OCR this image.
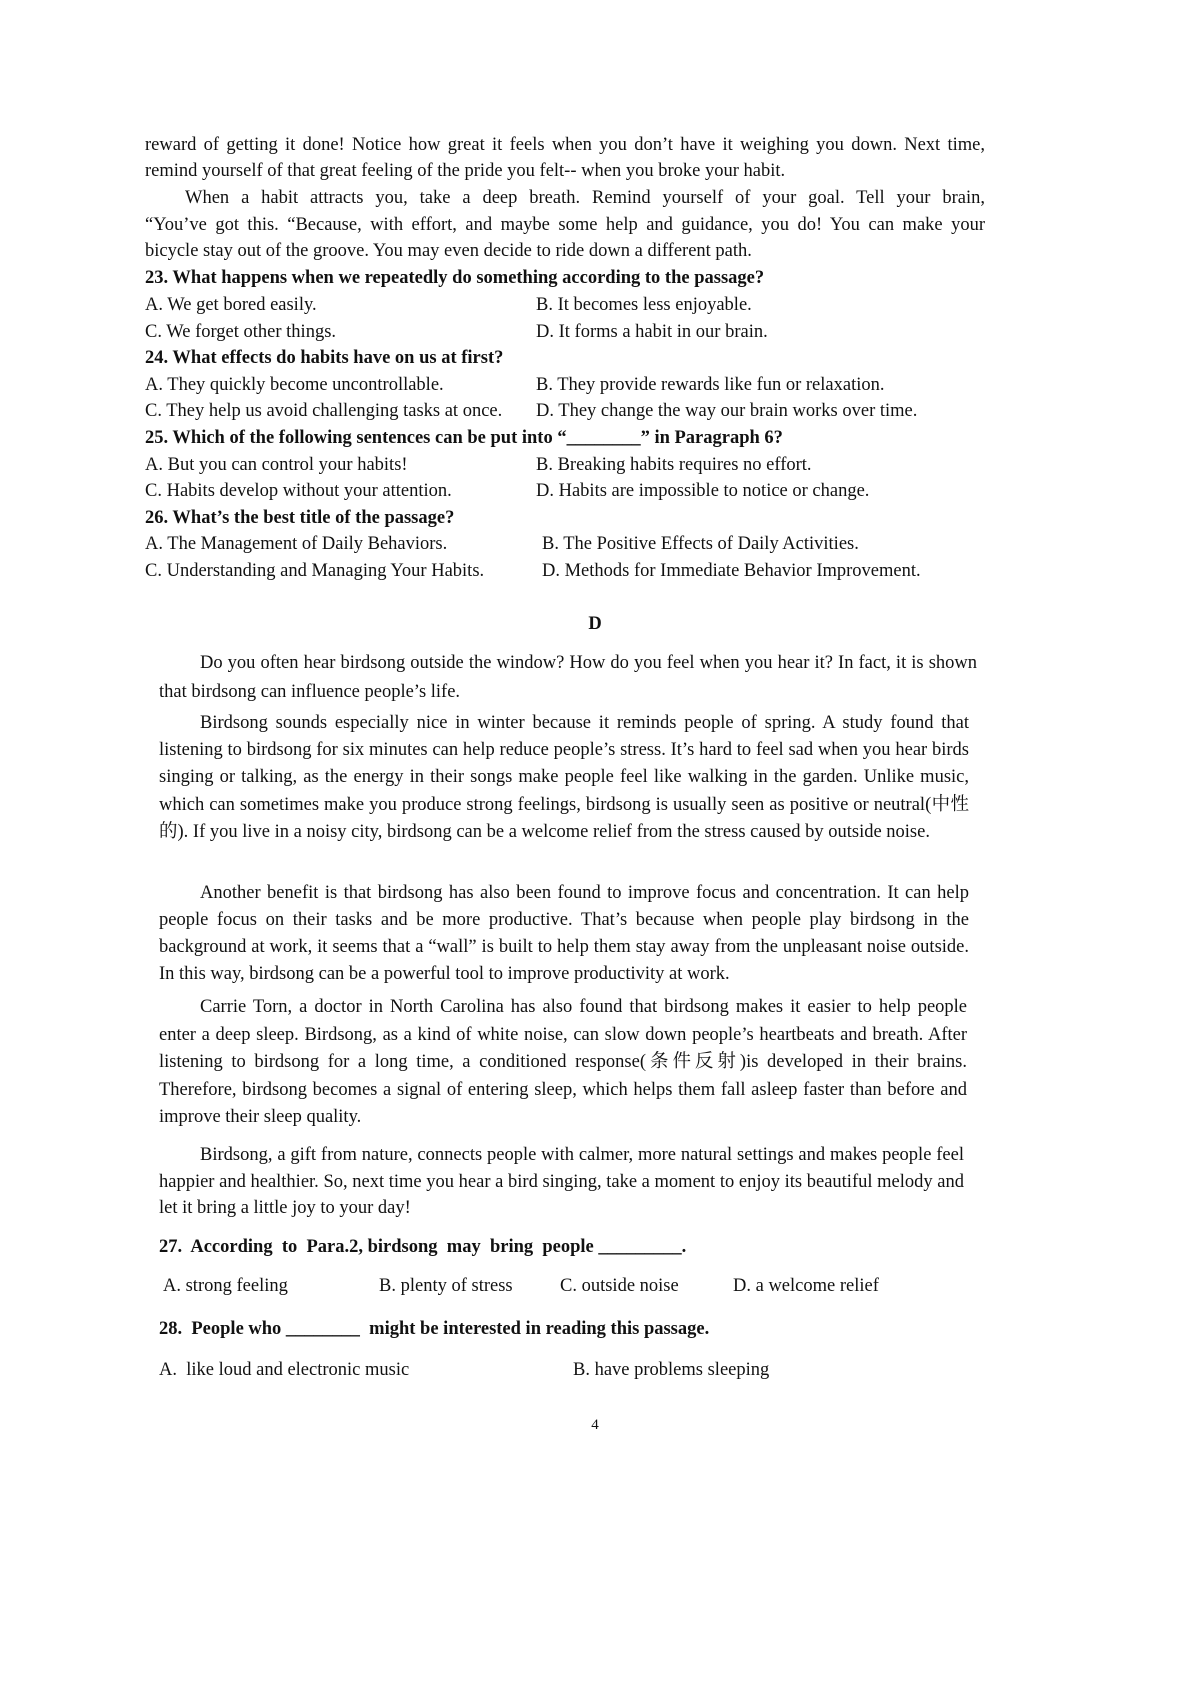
reward of getting it done! Notice how great it feels when you don’t have it weighing you down. Next time,
remind yourself of that great feeling of the pride you felt-- when you broke your habit.
When a habit attracts you, take a deep breath. Remind yourself of your goal. Tell your brain,
“You’ve got this. “Because, with effort, and maybe some help and guidance, you do! You can make your
bicycle stay out of the groove. You may even decide to ride down a different path.
23. What happens when we repeatedly do something according to the passage?
A. We get bored easily.	B. It becomes less enjoyable.
C. We forget other things.	D. It forms a habit in our brain.
24. What effects do habits have on us at first?
A. They quickly become uncontrollable.	B. They provide rewards like fun or relaxation.
C. They help us avoid challenging tasks at once. D. They change the way our brain works over time.
25. Which of the following sentences can be put into “________” in Paragraph 6?
A. But you can control your habits!	B. Breaking habits requires no effort.
C. Habits develop without your attention.	D. Habits are impossible to notice or change.
26. What’s the best title of the passage?
A. The Management of Daily Behaviors.	B. The Positive Effects of Daily Activities.
C. Understanding and Managing Your Habits.	D. Methods for Immediate Behavior Improvement.
D

Do you often hear birdsong outside the window? How do you feel when you hear it? In fact, it is shown that birdsong can influence people’s life.

Birdsong sounds especially nice in winter because it reminds people of spring. A study found that listening to birdsong for six minutes can help reduce people’s stress. It’s hard to feel sad when you hear birds singing or talking, as the energy in their songs make people feel like walking in the garden. Unlike music, which can sometimes make you produce strong feelings, birdsong is usually seen as positive or neutral(中性的). If you live in a noisy city, birdsong can be a welcome relief from the stress caused by outside noise.

Another benefit is that birdsong has also been found to improve focus and concentration. It can help people focus on their tasks and be more productive. That’s because when people play birdsong in the background at work, it seems that a “wall” is built to help them stay away from the unpleasant noise outside. In this way, birdsong can be a powerful tool to improve productivity at work.

Carrie Torn, a doctor in North Carolina has also found that birdsong makes it easier to help people enter a deep sleep. Birdsong, as a kind of white noise, can slow down people’s heartbeats and breath. After listening to birdsong for a long time, a conditioned response(条件反射)is developed in their brains. Therefore, birdsong becomes a signal of entering sleep, which helps them fall asleep faster than before and improve their sleep quality.

Birdsong, a gift from nature, connects people with calmer, more natural settings and makes people feel happier and healthier. So, next time you hear a bird singing, take a moment to enjoy its beautiful melody and let it bring a little joy to your day!

27.  According  to  Para.2, birdsong  may  bring  people _________.
A. strong feeling	B. plenty of stress	C. outside noise	D. a welcome relief
28.  People who ________  might be interested in reading this passage.
A.  like loud and electronic music	B. have problems sleeping
4
